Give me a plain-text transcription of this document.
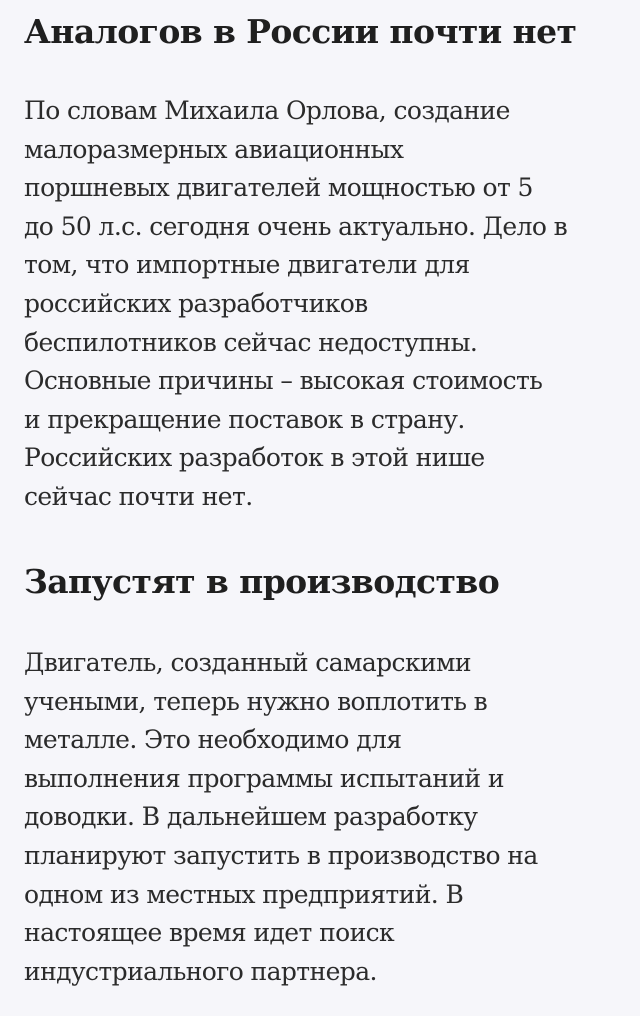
Аналогов в России почти нет
По словам Михаила Орлова, создание
малоразмерных авиационных
поршневых двигателей мощностью от 5
до 50 л.с. сегодня очень актуально. Дело в
том, что импортные двигатели для
российских разработчиков
беспилотников сейчас недоступны.
Основные причины – высокая стоимость
и прекращение поставок в страну.
Российских разработок в этой нише
сейчас почти нет.
Запустят в производство
Двигатель, созданный самарскими
учеными, теперь нужно воплотить в
металле. Это необходимо для
выполнения программы испытаний и
доводки. В дальнейшем разработку
планируют запустить в производство на
одном из местных предприятий. В
настоящее время идет поиск
индустриального партнера.
